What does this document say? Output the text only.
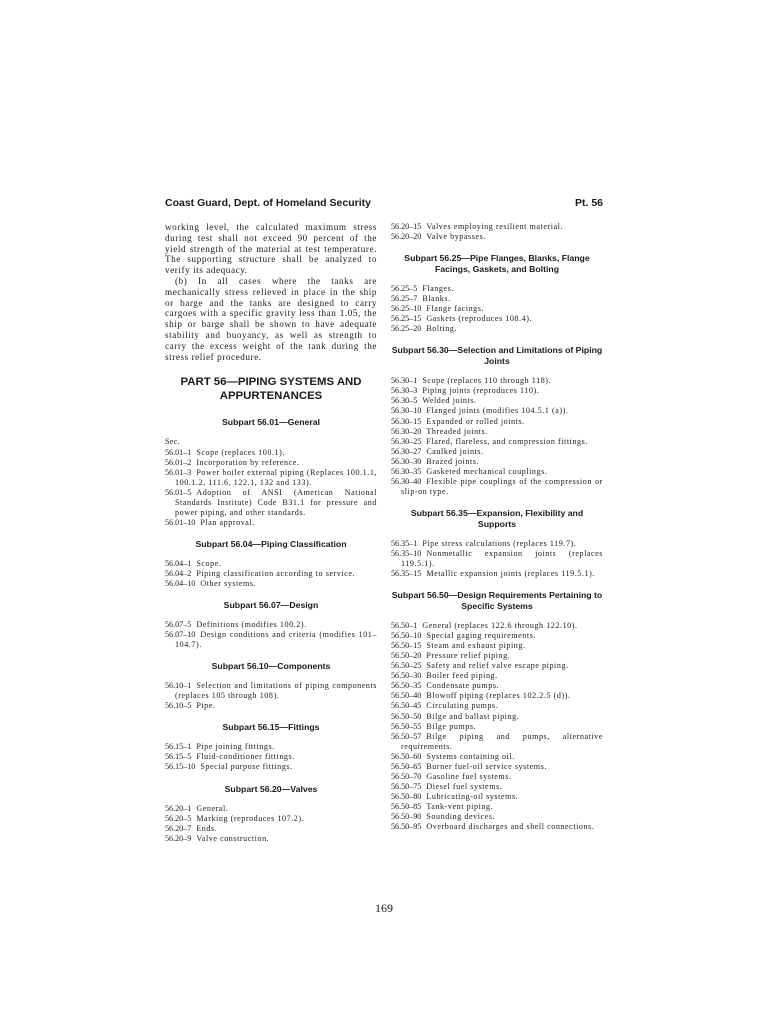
Coast Guard, Dept. of Homeland Security	Pt. 56

working level, the calculated maximum stress during test shall not exceed 90 percent of the yield strength of the material at test temperature. The supporting structure shall be analyzed to verify its adequacy.

(b) In all cases where the tanks are mechanically stress relieved in place in the ship or barge and the tanks are designed to carry cargoes with a specific gravity less than 1.05, the ship or barge shall be shown to have adequate stability and buoyancy, as well as strength to carry the excess weight of the tank during the stress relief procedure.

PART 56—PIPING SYSTEMS AND APPURTENANCES
Subpart 56.01—General
Sec.
56.01–1 Scope (replaces 100.1).
56.01–2 Incorporation by reference.
56.01–3 Power boiler external piping (Replaces 100.1.1, 100.1.2, 111.6, 122.1, 132 and 133).
56.01–5 Adoption of ANSI (American National Standards Institute) Code B31.1 for pressure and power piping, and other standards.
56.01–10 Plan approval.
Subpart 56.04—Piping Classification
56.04–1 Scope.
56.04–2 Piping classification according to service.
56.04–10 Other systems.
Subpart 56.07—Design
56.07–5 Definitions (modifies 100.2).
56.07–10 Design conditions and criteria (modifies 101–104.7).
Subpart 56.10—Components
56.10–1 Selection and limitations of piping components (replaces 105 through 108).
56.10–5 Pipe.
Subpart 56.15—Fittings
56.15–1 Pipe joining fittings.
56.15–5 Fluid-conditioner fittings.
56.15–10 Special purpose fittings.
Subpart 56.20—Valves
56.20–1 General.
56.20–5 Marking (reproduces 107.2).
56.20–7 Ends.
56.20–9 Valve construction.
56.20–15 Valves employing resilient material.
56.20–20 Valve bypasses.
Subpart 56.25—Pipe Flanges, Blanks, Flange Facings, Gaskets, and Bolting
56.25–5 Flanges.
56.25–7 Blanks.
56.25–10 Flange facings.
56.25–15 Gaskets (reproduces 108.4).
56.25–20 Bolting.
Subpart 56.30—Selection and Limitations of Piping Joints
56.30–1 Scope (replaces 110 through 118).
56.30–3 Piping joints (reproduces 110).
56.30–5 Welded joints.
56.30–10 Flanged joints (modifies 104.5.1 (a)).
56.30–15 Expanded or rolled joints.
56.30–20 Threaded joints.
56.30–25 Flared, flareless, and compression fittings.
56.30–27 Caulked joints.
56.30–30 Brazed joints.
56.30–35 Gasketed mechanical couplings.
56.30–40 Flexible pipe couplings of the compression or slip-on type.
Subpart 56.35—Expansion, Flexibility and Supports
56.35–1 Pipe stress calculations (replaces 119.7).
56.35–10 Nonmetallic expansion joints (replaces 119.5.1).
56.35–15 Metallic expansion joints (replaces 119.5.1).
Subpart 56.50—Design Requirements Pertaining to Specific Systems
56.50–1 General (replaces 122.6 through 122.10).
56.50–10 Special gaging requirements.
56.50–15 Steam and exhaust piping.
56.50–20 Pressure relief piping.
56.50–25 Safety and relief valve escape piping.
56.50–30 Boiler feed piping.
56.50–35 Condensate pumps.
56.50–40 Blowoff piping (replaces 102.2.5 (d)).
56.50–45 Circulating pumps.
56.50–50 Bilge and ballast piping.
56.50–55 Bilge pumps.
56.50–57 Bilge piping and pumps, alternative requirements.
56.50–60 Systems containing oil.
56.50–65 Burner fuel-oil service systems.
56.50–70 Gasoline fuel systems.
56.50–75 Diesel fuel systems.
56.50–80 Lubricating-oil systems.
56.50–85 Tank-vent piping.
56.50–90 Sounding devices.
56.50–95 Overboard discharges and shell connections.
169
